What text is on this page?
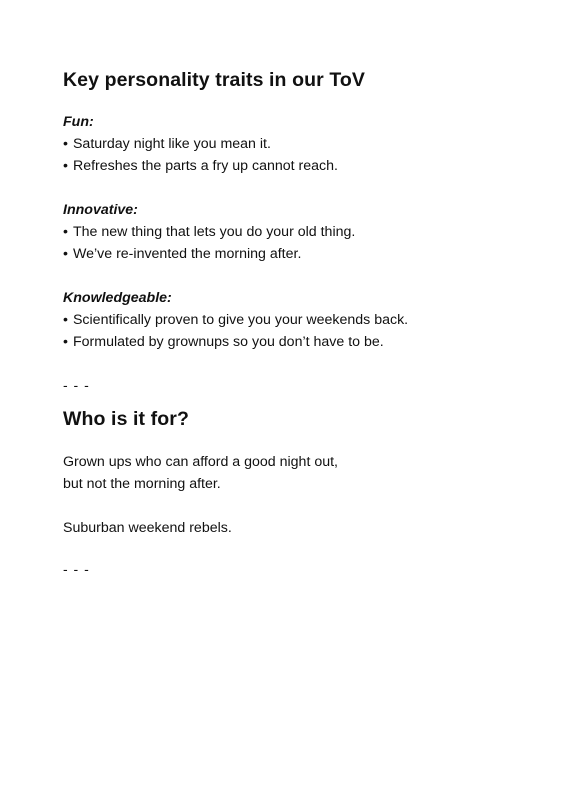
Key personality traits in our ToV
Fun:
• Saturday night like you mean it.
• Refreshes the parts a fry up cannot reach.
Innovative:
• The new thing that lets you do your old thing.
• We’ve re-invented the morning after.
Knowledgeable:
• Scientifically proven to give you your weekends back.
• Formulated by grownups so you don’t have to be.
- - -
Who is it for?
Grown ups who can afford a good night out,
but not the morning after.
Suburban weekend rebels.
- - -
